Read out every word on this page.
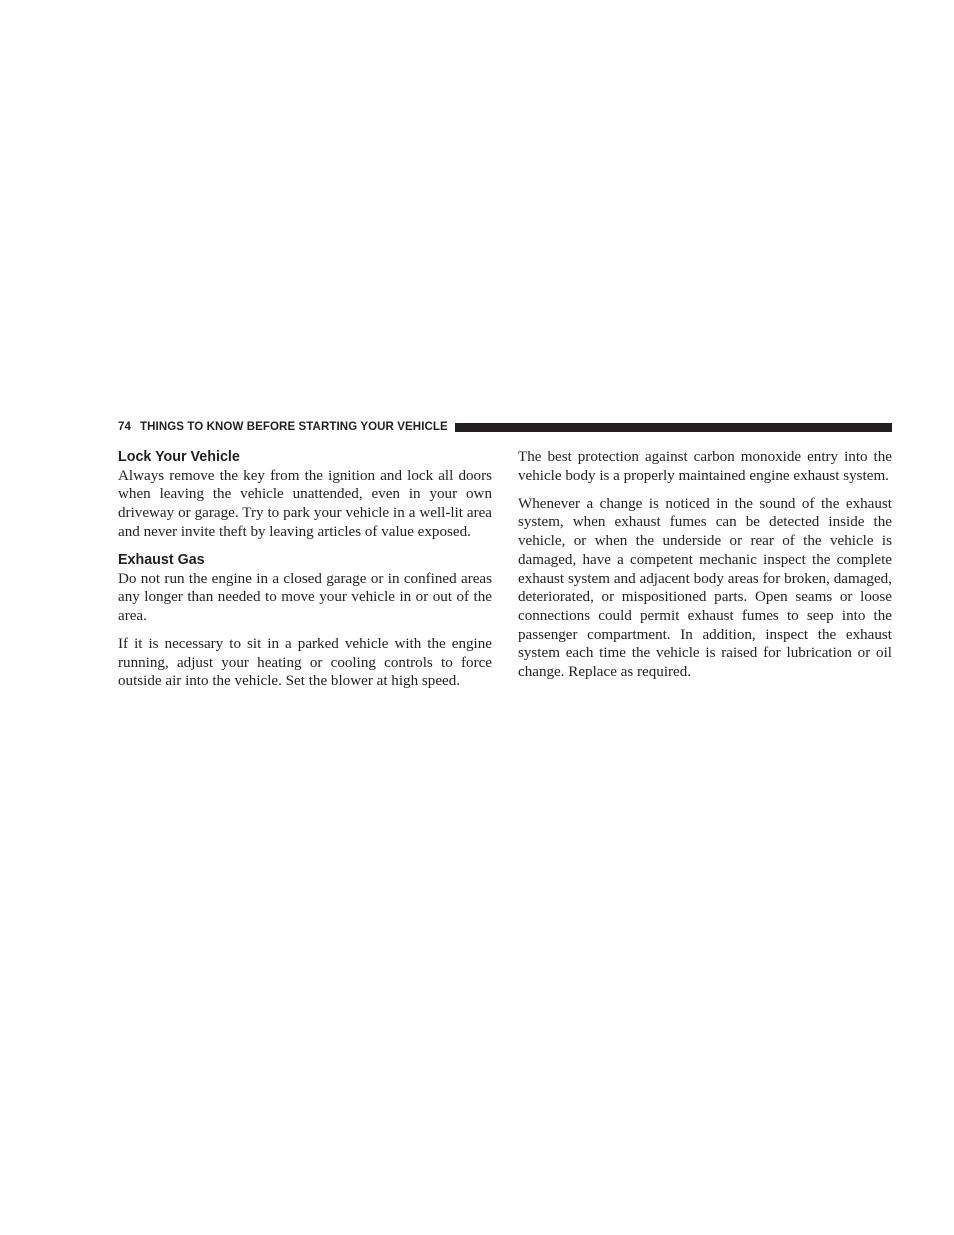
74 THINGS TO KNOW BEFORE STARTING YOUR VEHICLE
Lock Your Vehicle

Always remove the key from the ignition and lock all doors when leaving the vehicle unattended, even in your own driveway or garage. Try to park your vehicle in a well-lit area and never invite theft by leaving articles of value exposed.

Exhaust Gas

Do not run the engine in a closed garage or in confined areas any longer than needed to move your vehicle in or out of the area.

If it is necessary to sit in a parked vehicle with the engine running, adjust your heating or cooling controls to force outside air into the vehicle. Set the blower at high speed.

The best protection against carbon monoxide entry into the vehicle body is a properly maintained engine exhaust system.

Whenever a change is noticed in the sound of the exhaust system, when exhaust fumes can be detected inside the vehicle, or when the underside or rear of the vehicle is damaged, have a competent mechanic inspect the complete exhaust system and adjacent body areas for broken, damaged, deteriorated, or mispositioned parts. Open seams or loose connections could permit exhaust fumes to seep into the passenger compartment. In addition, inspect the exhaust system each time the vehicle is raised for lubrication or oil change. Replace as required.
